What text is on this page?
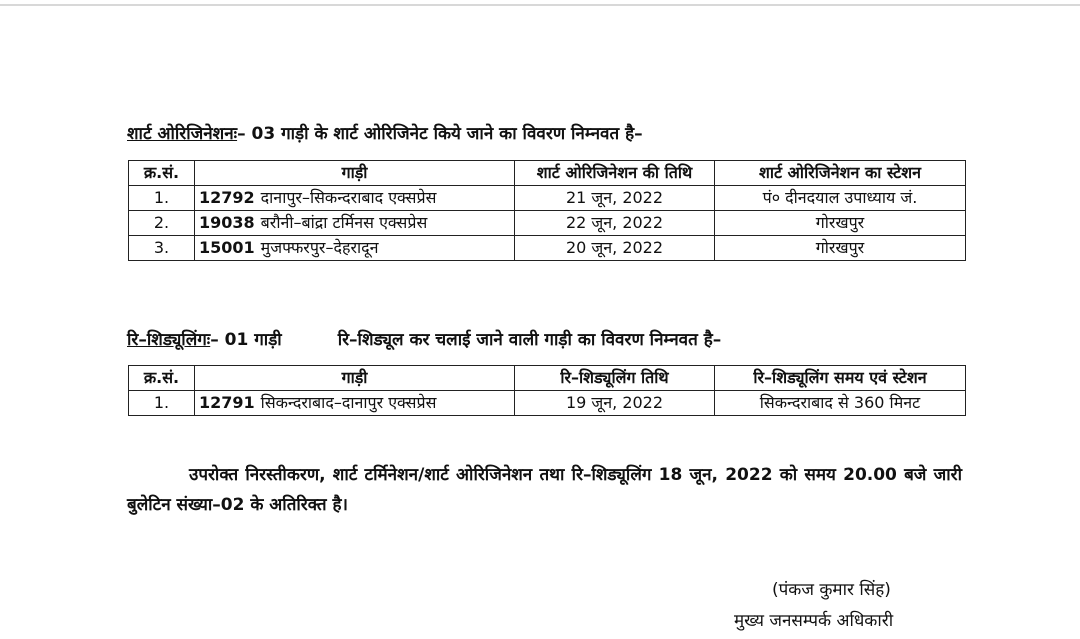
शार्ट ओरिजिनेशनः– 03 गाड़ी के शार्ट ओरिजिनेट किये जाने का विवरण निम्नवत है–
क्र.सं.	गाड़ी	शार्ट ओरिजिनेशन की तिथि	शार्ट ओरिजिनेशन का स्टेशन
1.	12792 दानापुर–सिकन्दराबाद एक्सप्रेस	21 जून, 2022	पं० दीनदयाल उपाध्याय जं.
2.	19038 बरौनी–बांद्रा टर्मिनस एक्सप्रेस	22 जून, 2022	गोरखपुर
3.	15001 मुजफ्फरपुर–देहरादून	20 जून, 2022	गोरखपुर
रि–शिड्यूलिंगः– 01 गाड़ी	रि–शिड्यूल कर चलाई जाने वाली गाड़ी का विवरण निम्नवत है–
क्र.सं.	गाड़ी	रि–शिड्यूलिंग तिथि	रि–शिड्यूलिंग समय एवं स्टेशन
1.	12791 सिकन्दराबाद–दानापुर एक्सप्रेस	19 जून, 2022	सिकन्दराबाद से 360 मिनट
उपरोक्त निरस्तीकरण, शार्ट टर्मिनेशन/शार्ट ओरिजिनेशन तथा रि–शिड्यूलिंग 18 जून, 2022 को समय 20.00 बजे जारी बुलेटिन संख्या–02 के अतिरिक्त है।
(पंकज कुमार सिंह)
मुख्य जनसम्पर्क अधिकारी
